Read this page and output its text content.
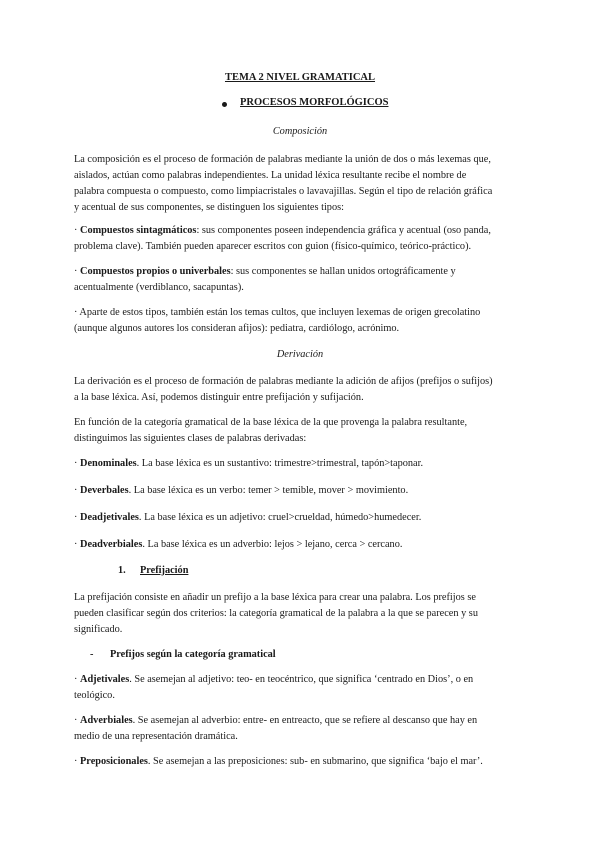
TEMA 2 NIVEL GRAMATICAL
PROCESOS MORFOLÓGICOS
Composición
La composición es el proceso de formación de palabras mediante la unión de dos o más lexemas que,
aislados, actúan como palabras independientes. La unidad léxica resultante recibe el nombre de
palabra compuesta o compuesto, como limpiacristales o lavavajillas. Según el tipo de relación gráfica
y acentual de sus componentes, se distinguen los siguientes tipos:
· Compuestos sintagmáticos: sus componentes poseen independencia gráfica y acentual (oso panda,
problema clave). También pueden aparecer escritos con guion (físico-químico, teórico-práctico).
· Compuestos propios o univerbales: sus componentes se hallan unidos ortográficamente y
acentualmente (verdiblanco, sacapuntas).
· Aparte de estos tipos, también están los temas cultos, que incluyen lexemas de origen grecolatino
(aunque algunos autores los consideran afijos): pediatra, cardiólogo, acrónimo.
Derivación
La derivación es el proceso de formación de palabras mediante la adición de afijos (prefijos o sufijos)
a la base léxica. Así, podemos distinguir entre prefijación y sufijación.
En función de la categoría gramatical de la base léxica de la que provenga la palabra resultante,
distinguimos las siguientes clases de palabras derivadas:
· Denominales. La base léxica es un sustantivo: trimestre>trimestral, tapón>taponar.
· Deverbales. La base léxica es un verbo: temer > temible, mover > movimiento.
· Deadjetivales. La base léxica es un adjetivo: cruel>crueldad, húmedo>humedecer.
· Deadverbiales. La base léxica es un adverbio: lejos > lejano, cerca > cercano.
1. Prefijación
La prefijación consiste en añadir un prefijo a la base léxica para crear una palabra. Los prefijos se
pueden clasificar según dos criterios: la categoría gramatical de la palabra a la que se parecen y su
significado.
- Prefijos según la categoría gramatical
· Adjetivales. Se asemejan al adjetivo: teo- en teocéntrico, que significa ‘centrado en Dios’, o en
teológico.
· Adverbiales. Se asemejan al adverbio: entre- en entreacto, que se refiere al descanso que hay en
medio de una representación dramática.
· Preposicionales. Se asemejan a las preposiciones: sub- en submarino, que significa ‘bajo el mar’.
